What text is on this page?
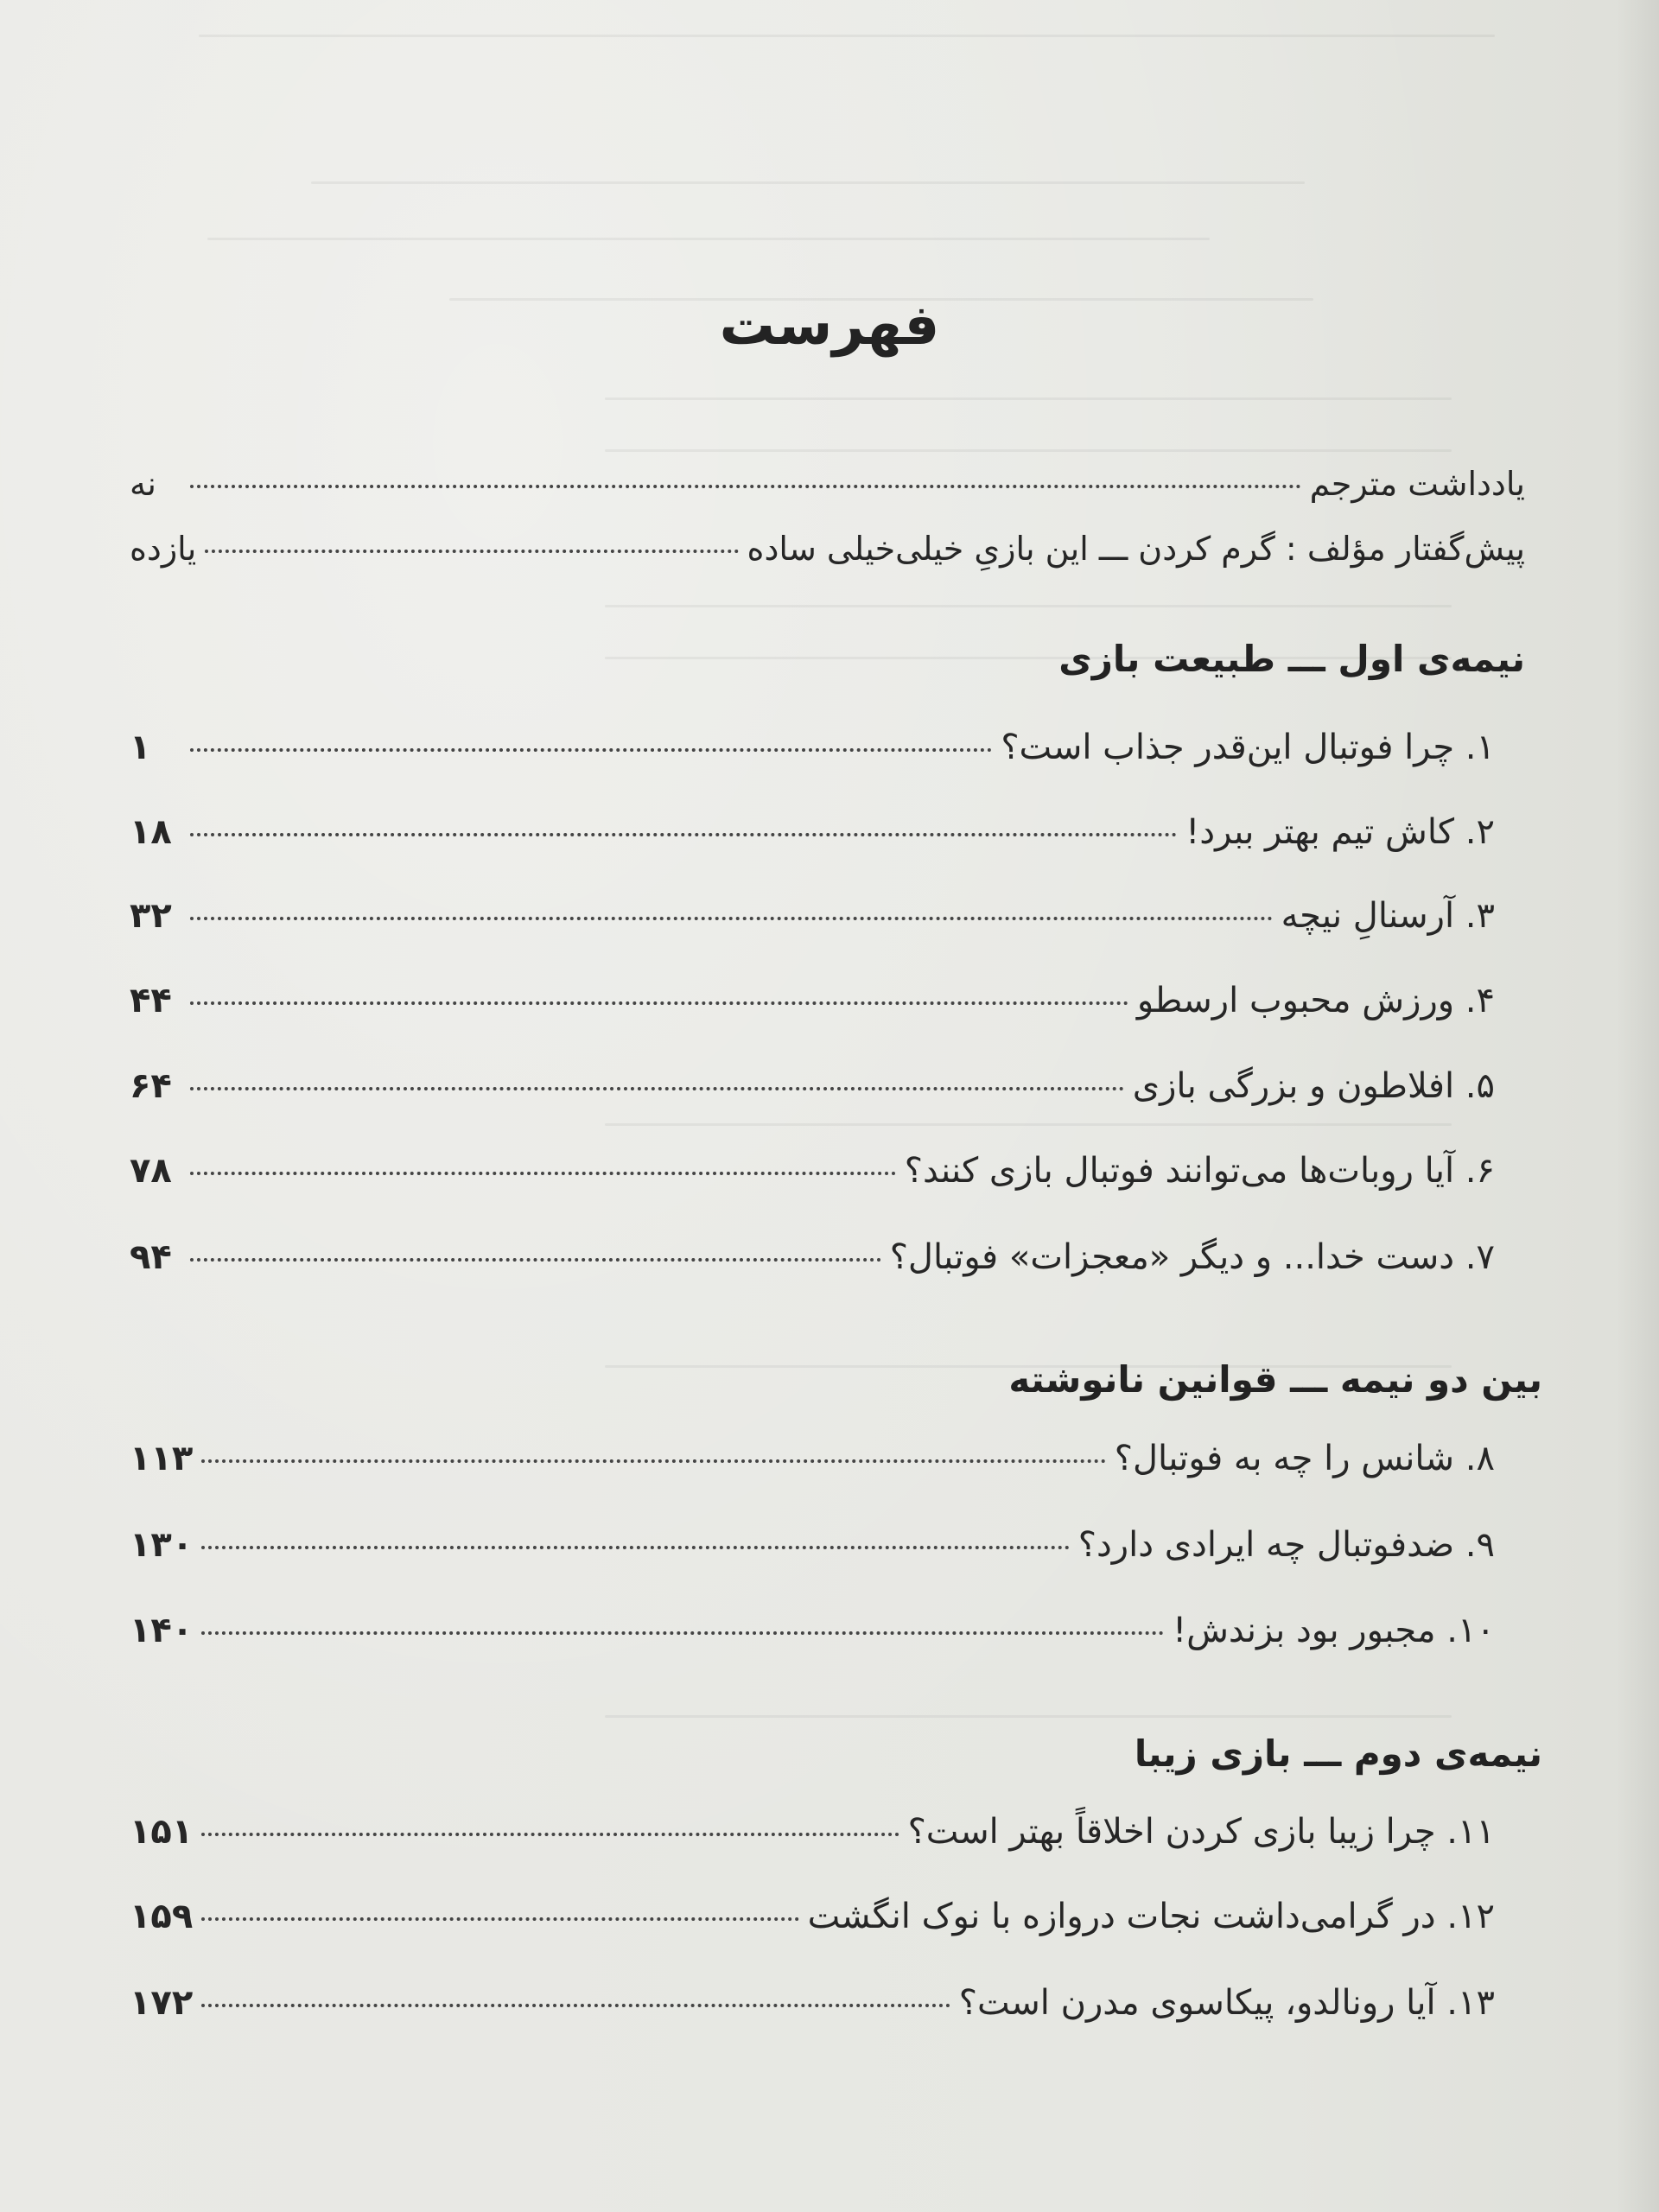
فهرست
یادداشت مترجم
نه
پیش‌گفتار مؤلف : گرم کردن ـــ این بازیِ خیلی‌خیلی ساده
یازده
نیمه‌ی اول ـــ طبیعت بازی
۱. چرا فوتبال این‌قدر جذاب است؟
۱
۲. کاش تیم بهتر ببرد!
۱۸
۳. آرسنالِ نیچه
۳۲
۴. ورزش محبوب ارسطو
۴۴
۵. افلاطون و بزرگی بازی
۶۴
۶. آیا روبات‌ها می‌توانند فوتبال بازی کنند؟
۷۸
۷. دست خدا... و دیگر «معجزات» فوتبال؟
۹۴
بین دو نیمه ـــ قوانین نانوشته
۸. شانس را چه به فوتبال؟
۱۱۳
۹. ضدفوتبال چه ایرادی دارد؟
۱۳۰
۱۰. مجبور بود بزندش!
۱۴۰
نیمه‌ی دوم ـــ بازی زیبا
۱۱. چرا زیبا بازی کردن اخلاقاً بهتر است؟
۱۵۱
۱۲. در گرامی‌داشت نجات دروازه با نوک انگشت
۱۵۹
۱۳. آیا رونالدو، پیکاسوی مدرن است؟
۱۷۲
